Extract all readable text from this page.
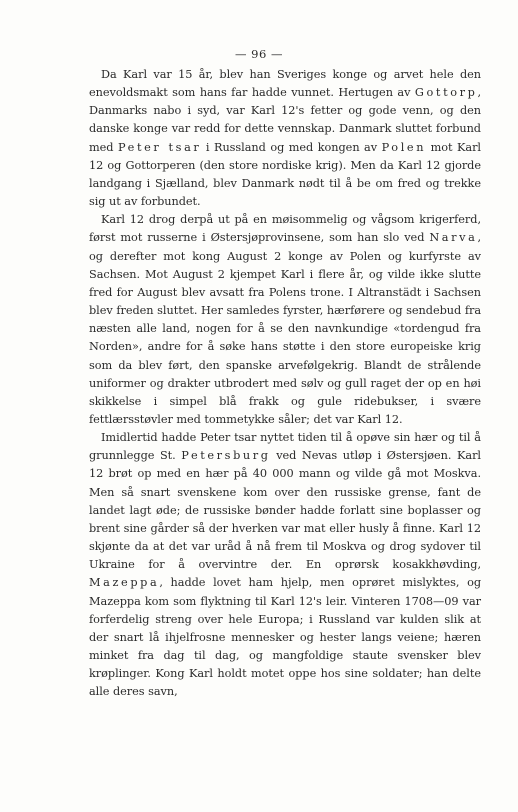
— 96 —

Da Karl var 15 år, blev han Sveriges konge og arvet hele den enevoldsmakt som hans far hadde vunnet. Hertugen av Gottorp, Danmarks nabo i syd, var Karl 12's fetter og gode venn, og den danske konge var redd for dette vennskap. Danmark sluttet forbund med Peter tsar i Russland og med kongen av Polen mot Karl 12 og Gottorperen (den store nordiske krig). Men da Karl 12 gjorde landgang i Sjælland, blev Danmark nødt til å be om fred og trekke sig ut av forbundet.

Karl 12 drog derpå ut på en møisommelig og vågsom krigerferd, først mot russerne i Østersjøprovinsene, som han slo ved Narva, og derefter mot kong August 2 konge av Polen og kurfyrste av Sachsen. Mot August 2 kjempet Karl i flere år, og vilde ikke slutte fred for August blev avsatt fra Polens trone. I Altranstädt i Sachsen blev freden sluttet. Her samledes fyrster, hærførere og sendebud fra næsten alle land, nogen for å se den navnkundige «tordengud fra Norden», andre for å søke hans støtte i den store europeiske krig som da blev ført, den spanske arvefølgekrig. Blandt de strålende uniformer og drakter utbrodert med sølv og gull raget der op en høi skikkelse i simpel blå frakk og gule ridebukser, i svære fettlærsstøvler med tommetykke såler; det var Karl 12.

Imidlertid hadde Peter tsar nyttet tiden til å opøve sin hær og til å grunnlegge St. Petersburg ved Nevas utløp i Østersjøen. Karl 12 brøt op med en hær på 40 000 mann og vilde gå mot Moskva. Men så snart svenskene kom over den russiske grense, fant de landet lagt øde; de russiske bønder hadde forlatt sine boplasser og brent sine gårder så der hverken var mat eller husly å finne. Karl 12 skjønte da at det var uråd å nå frem til Moskva og drog sydover til Ukraine for å overvintre der. En oprørsk kosakkhøvding, Mazeppa, hadde lovet ham hjelp, men oprøret mislyktes, og Mazeppa kom som flyktning til Karl 12's leir. Vinteren 1708—09 var forferdelig streng over hele Europa; i Russland var kulden slik at der snart lå ihjelfrosne mennesker og hester langs veiene; hæren minket fra dag til dag, og mangfoldige staute svensker blev krøplinger. Kong Karl holdt motet oppe hos sine soldater; han delte alle deres savn,
